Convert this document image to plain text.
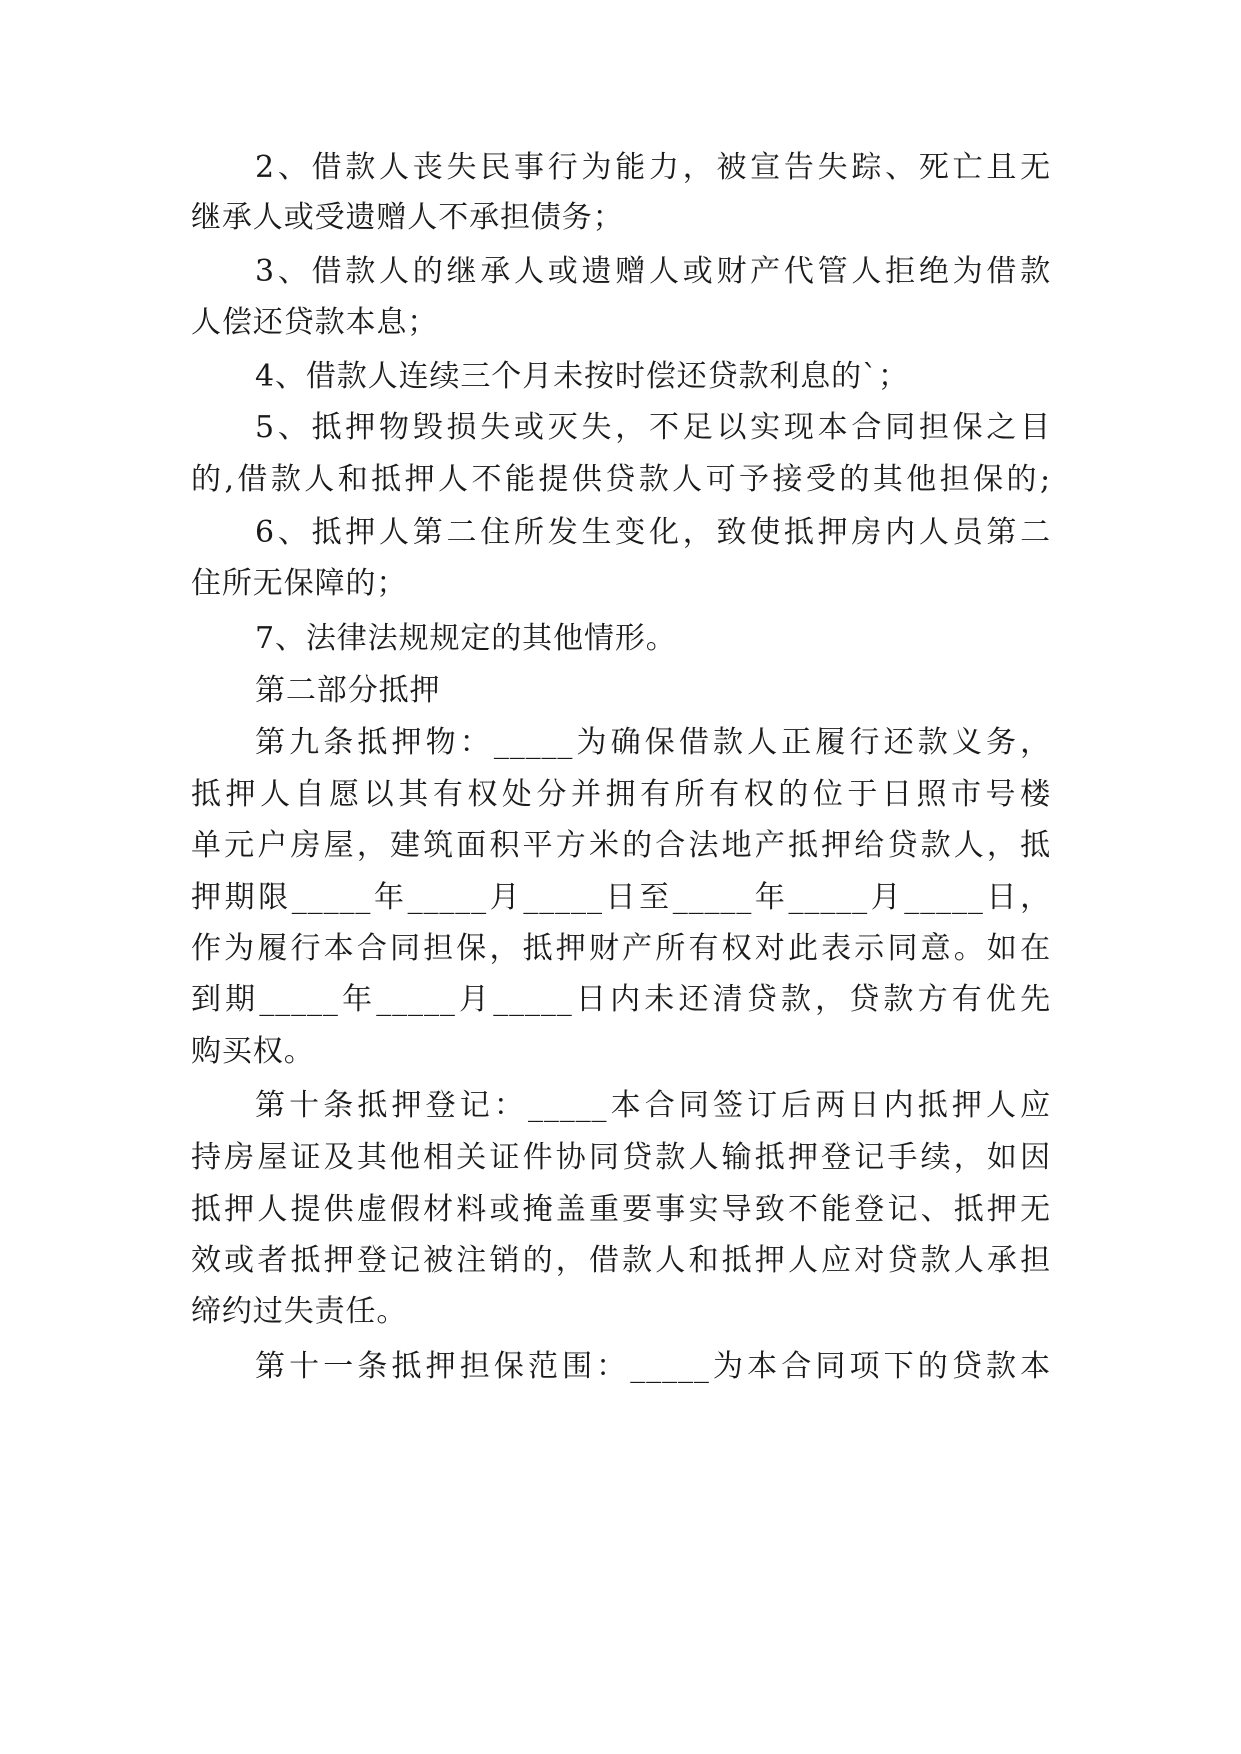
2、借款人丧失民事行为能力，被宣告失踪、死亡且无
继承人或受遗赠人不承担债务；
3、借款人的继承人或遗赠人或财产代管人拒绝为借款
人偿还贷款本息；
4、借款人连续三个月未按时偿还贷款利息的`；
5、抵押物毁损失或灭失，不足以实现本合同担保之目
的,借款人和抵押人不能提供贷款人可予接受的其他担保的;
6、抵押人第二住所发生变化，致使抵押房内人员第二
住所无保障的；
7、法律法规规定的其他情形。
第二部分抵押
第九条抵押物：_____为确保借款人正履行还款义务，
抵押人自愿以其有权处分并拥有所有权的位于日照市号楼
单元户房屋，建筑面积平方米的合法地产抵押给贷款人，抵
押期限_____年_____月_____日至_____年_____月_____日，
作为履行本合同担保，抵押财产所有权对此表示同意。如在
到期_____年_____月_____日内未还清贷款，贷款方有优先
购买权。
第十条抵押登记：_____本合同签订后两日内抵押人应
持房屋证及其他相关证件协同贷款人输抵押登记手续，如因
抵押人提供虚假材料或掩盖重要事实导致不能登记、抵押无
效或者抵押登记被注销的，借款人和抵押人应对贷款人承担
缔约过失责任。
第十一条抵押担保范围：_____为本合同项下的贷款本
